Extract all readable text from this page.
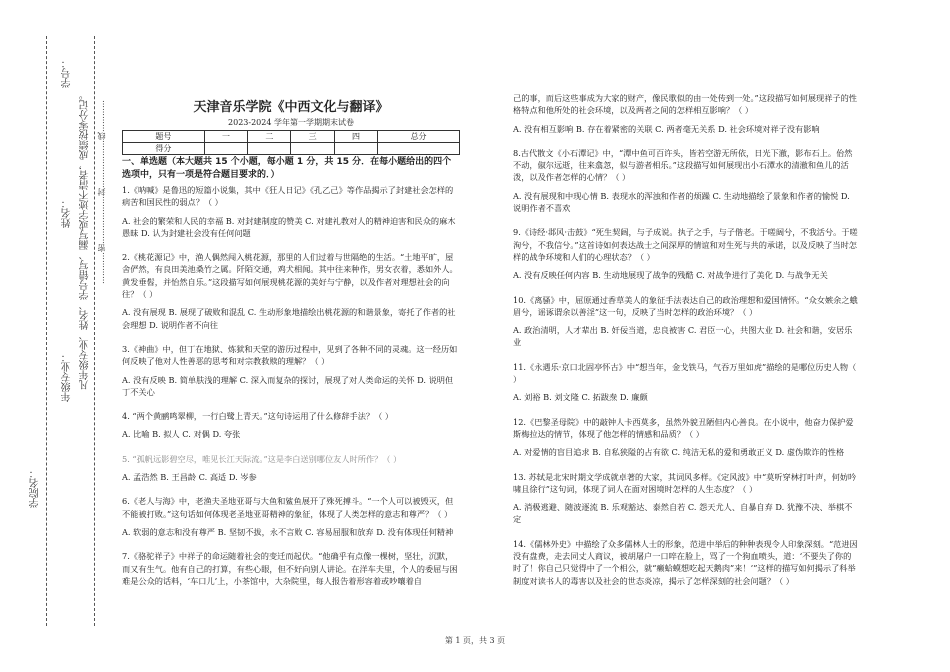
学号：
姓名：
年级专业： 凡年级专业、姓名、学号错写、漏写或字迹不清者，成绩按零分记。
学院名：
…………密………………封………………线…………	天津音乐学院《中西文化与翻译》
2023-2024 学年第一学期期末试卷
题号	一	二	三	四	总分
得分					
一、单选题（本大题共 15 个小题，每小题 1 分，共 15 分．在每小题给出的四个选项中，只有一项是符合题目要求的．）

1.《呐喊》是鲁迅的短篇小说集，其中《狂人日记》《孔乙己》等作品揭示了封建社会怎样的病苦和国民性的弱点？（ ）

A. 社会的繁荣和人民的幸福 B. 对封建制度的赞美 C. 对建礼教对人的精神迫害和民众的麻木愚昧 D. 认为封建社会没有任何问题

2.《桃花源记》中，渔人偶然闯入桃花源，那里的人们过着与世隔绝的生活。“土地平旷，屋舍俨然，有良田美池桑竹之属。阡陌交通，鸡犬相闻。其中往来种作，男女衣着，悉如外人。黄发垂髫，并怡然自乐。”这段描写如何展现桃花源的美好与宁静，以及作者对理想社会的向往？（ ）

A. 没有展现 B. 展现了破败和混乱 C. 生动形象地描绘出桃花源的和谐景象，寄托了作者的社会理想 D. 说明作者不向往

3.《神曲》中，但丁在地狱、炼狱和天堂的游历过程中，见到了各种不同的灵魂。这一经历如何反映了他对人性善恶的思考和对宗教救赎的理解？（ ）

A. 没有反映 B. 简单肤浅的理解 C. 深入而复杂的探讨，展现了对人类命运的关怀 D. 说明但丁不关心

4. “两个黄鹂鸣翠柳，一行白鹭上青天。”这句诗运用了什么修辞手法？（ ）

A. 比喻 B. 拟人 C. 对偶 D. 夸张

5. “孤帆远影碧空尽，唯见长江天际流。”这是李白送别哪位友人时所作？（ ）

A. 孟浩然 B. 王昌龄 C. 高适 D. 岑参

6.《老人与海》中，老渔夫圣地亚哥与大鱼和鲨鱼展开了殊死搏斗。“一个人可以被毁灭，但不能被打败。”这句话如何体现老圣地亚哥精神的象征，体现了人类怎样的意志和尊严？（ ）

A. 软弱的意志和没有尊严 B. 坚韧不拔，永不言败 C. 容易屈服和放弃 D. 没有体现任何精神

7.《骆驼祥子》中祥子的命运随着社会的变迁而起伏。“他确乎有点像一棵树，坚壮，沉默，而又有生气。他有自己的打算，有些心眼，但不好向别人讲论。在洋车夫里，个人的委屈与困难是公众的话料，‘车口儿’上，小茶馆中，大杂院里，每人报告着形容着或吵嚷着自

己的事，而后这些事成为大家的财产，像民歌似的由一处传到一处。”这段描写如何展现祥子的性格特点和他所处的社会环境，以及两者之间的怎样相互影响？（ ）

A. 没有相互影响 B. 存在着紧密的关联 C. 两者毫无关系 D. 社会环境对祥子没有影响

8.古代散文《小石潭记》中，“潭中鱼可百许头，皆若空游无所依，日光下澈，影布石上。佁然不动，俶尔远逝，往来翕忽，似与游者相乐。”这段描写如何展现出小石潭水的清澈和鱼儿的活泼，以及作者怎样的心情？（ ）

A. 没有展现和中现心情 B. 表现水的浑浊和作者的烦躁 C. 生动地描绘了景象和作者的愉悦 D. 说明作者不喜欢

9.《诗经·邶风·击鼓》“死生契阔，与子成说。执子之手，与子偕老。于嗟阔兮，不我活兮。于嗟洵兮，不我信兮。”这首诗如何表达战士之间深厚的情谊和对生死与共的承诺，以及反映了当时怎样的战争环境和人们的心理状态？（ ）

A. 没有反映任何内容 B. 生动地展现了战争的残酷 C. 对战争进行了美化 D. 与战争无关

10.《离骚》中，屈原通过香草美人的象征手法表达自己的政治理想和爱国情怀。“众女嫉余之蛾眉兮，谣诼谓余以善淫”这一句，反映了当时怎样的政治环境？（ ）

A. 政治清明，人才辈出 B. 奸佞当道，忠良被害 C. 君臣一心，共图大业 D. 社会和谐，安居乐业

11.《永遇乐·京口北固亭怀古》中“想当年，金戈铁马，气吞万里如虎”描绘的是哪位历史人物（ ）

A. 刘裕 B. 刘文隆 C. 拓跋焘 D. 廉颇

12.《巴黎圣母院》中的敲钟人卡西莫多，虽然外貌丑陋但内心善良。在小说中，他奋力保护爱斯梅拉达的情节，体现了他怎样的情感和品质？（ ）

A. 对爱情的盲目追求 B. 自私狭隘的占有欲 C. 纯洁无私的爱和勇敢正义 D. 虚伪欺诈的性格

13. 苏轼是北宋时期文学成就卓著的大家，其词风多样。《定风波》中“莫听穿林打叶声，何妨吟啸且徐行”这句词，体现了词人在面对困境时怎样的人生态度？（ ）

A. 消极逃避、随波逐流 B. 乐观豁达、泰然自若 C. 怨天尤人、自暴自弃 D. 犹豫不决、举棋不定

14.《儒林外史》中描绘了众多儒林人士的形象，范进中举后的种种表现令人印象深刻。“范进因没有盘费，走去同丈人商议，被胡屠户一口啐在脸上，骂了一个狗血喷头，道：‘不要失了你的时了！你自己只觉得中了一个相公，就“癞蛤蟆想吃起天鹅肉”来！’”这样的描写如何揭示了科举制度对读书人的毒害以及社会的世态炎凉，揭示了怎样深刻的社会问题？（ ）

第 1 页，共 3 页
